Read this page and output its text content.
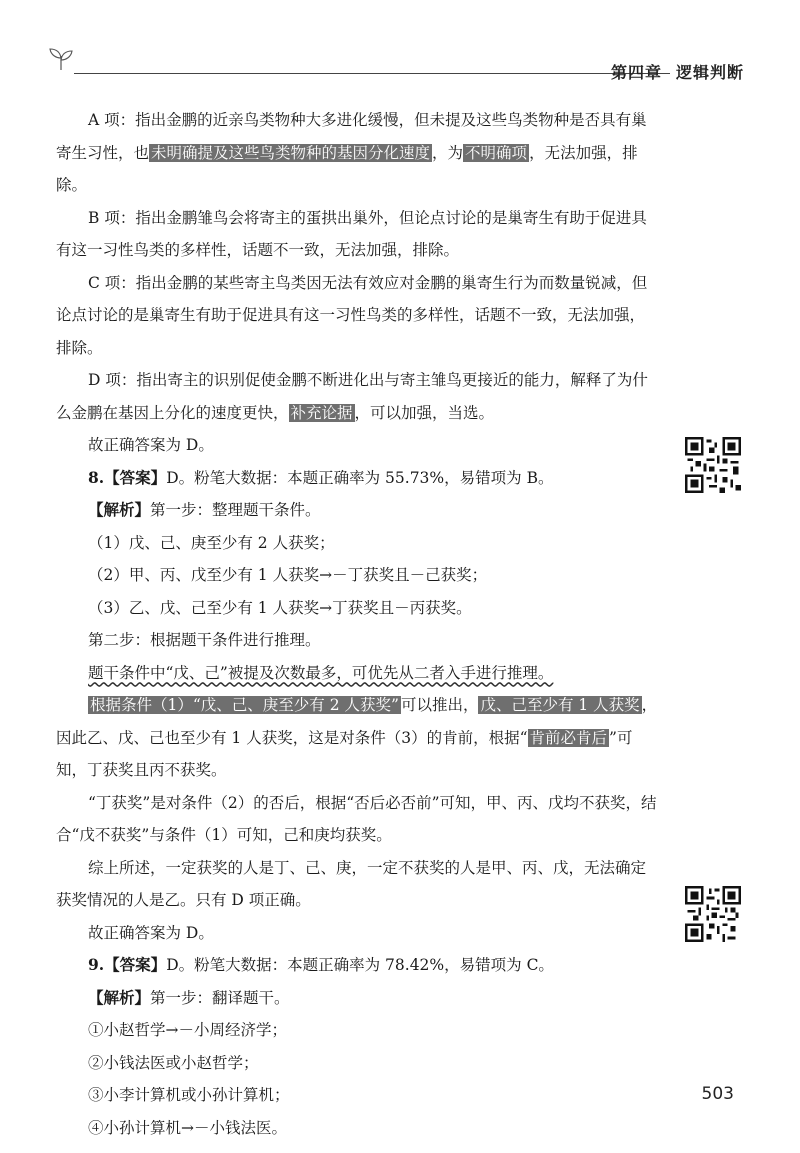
第四章 逻辑判断

A 项：指出金鹏的近亲鸟类物种大多进化缓慢，但未提及这些鸟类物种是否具有巢寄生习性，也 未明确提及这些鸟类物种的基因分化速度 ，为 不明确项 ，无法加强，排除。

B 项：指出金鹏雏鸟会将寄主的蛋拱出巢外，但论点讨论的是巢寄生有助于促进具有这一习性鸟类的多样性，话题不一致，无法加强，排除。

C 项：指出金鹏的某些寄主鸟类因无法有效应对金鹏的巢寄生行为而数量锐减，但论点讨论的是巢寄生有助于促进具有这一习性鸟类的多样性，话题不一致，无法加强，排除。

D 项：指出寄主的识别促使金鹏不断进化出与寄主雏鸟更接近的能力，解释了为什么金鹏在基因上分化的速度更快， 补充论据 ，可以加强，当选。

故正确答案为 D。

8.【答案】D。粉笔大数据：本题正确率为 55.73%，易错项为 B。

【解析】第一步：整理题干条件。

（1）戊、己、庚至少有 2 人获奖；

（2）甲、丙、戊至少有 1 人获奖→－丁获奖且－己获奖；

（3）乙、戊、己至少有 1 人获奖→丁获奖且－丙获奖。

第二步：根据题干条件进行推理。

题干条件中“戊、己”被提及次数最多，可优先从二者入手进行推理。

根据条件（1）“戊、己、庚至少有 2 人获奖” 可以推出， 戊、己至少有 1 人获奖 ，因此乙、戊、己也至少有 1 人获奖，这是对条件（3）的肯前，根据“ 肯前必肯后 ”可知，丁获奖且丙不获奖。

“丁获奖”是对条件（2）的否后，根据“否后必否前”可知，甲、丙、戊均不获奖，结合“戊不获奖”与条件（1）可知，己和庚均获奖。

综上所述，一定获奖的人是丁、己、庚，一定不获奖的人是甲、丙、戊，无法确定获奖情况的人是乙。只有 D 项正确。

故正确答案为 D。

9.【答案】D。粉笔大数据：本题正确率为 78.42%，易错项为 C。

【解析】第一步：翻译题干。

①小赵哲学→－小周经济学；

②小钱法医或小赵哲学；

③小李计算机或小孙计算机；

④小孙计算机→－小钱法医。

503
